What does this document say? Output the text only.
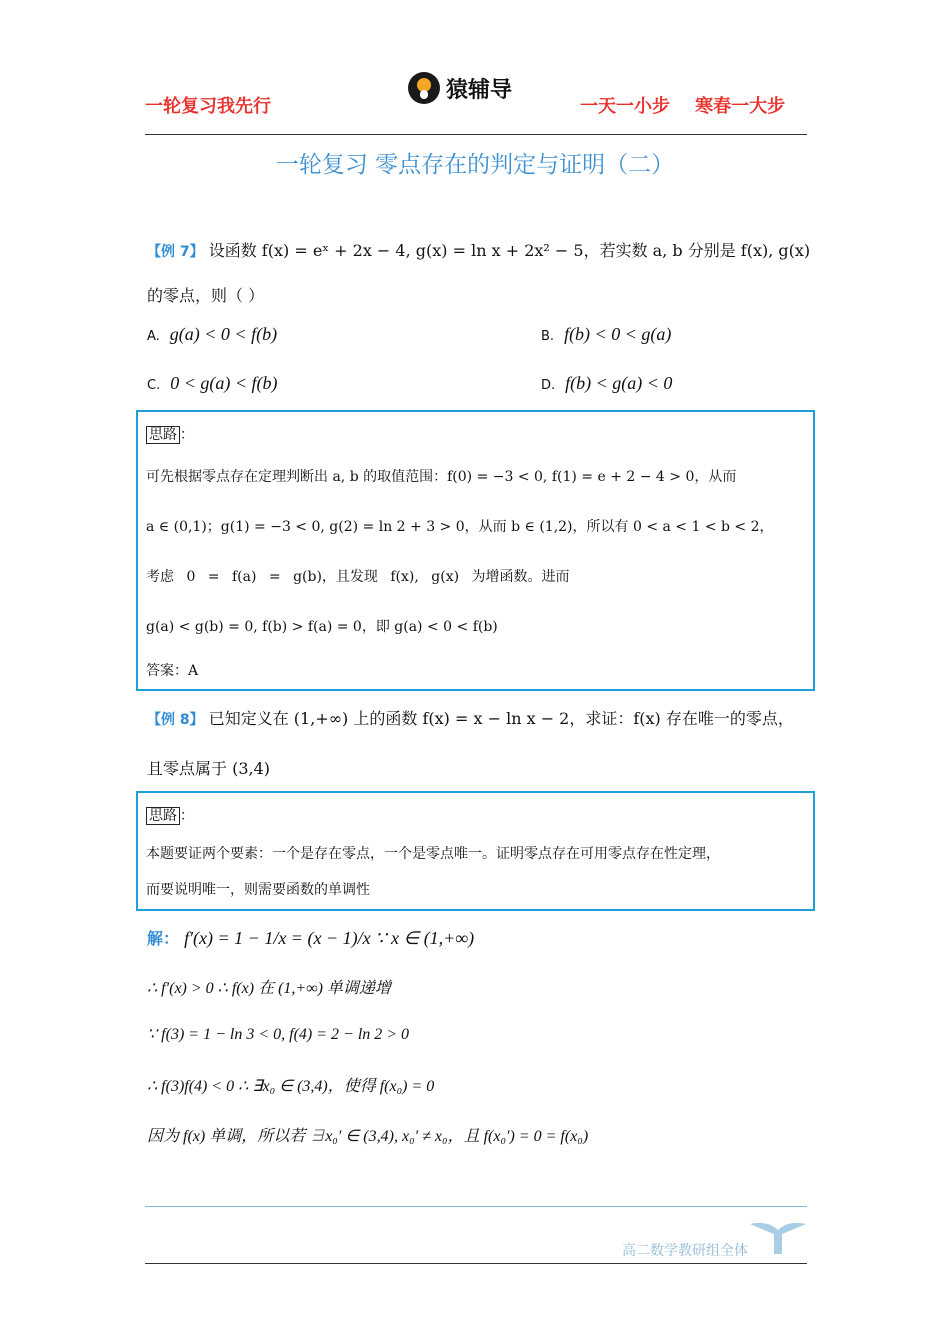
一轮复习我先行
猿辅导
一天一小步    寒春一大步
一轮复习 零点存在的判定与证明（二）
【例 7】 设函数 f(x) = eˣ + 2x − 4, g(x) = ln x + 2x² − 5，若实数 a, b 分别是 f(x), g(x)
的零点，则（ ）
A. g(a) < 0 < f(b)	B. f(b) < 0 < g(a)
C. 0 < g(a) < f(b)	D. f(b) < g(a) < 0
思路 ：
可先根据零点存在定理判断出 a, b 的取值范围：f(0) = −3 < 0, f(1) = e + 2 − 4 > 0，从而
a ∈ (0,1)；g(1) = −3 < 0, g(2) = ln 2 + 3 > 0，从而 b ∈ (1,2)，所以有 0 < a < 1 < b < 2，
考虑 0 = f(a) = g(b)，且发现 f(x), g(x) 为增函数。进而
g(a) < g(b) = 0, f(b) > f(a) = 0，即 g(a) < 0 < f(b)
答案：A
【例 8】 已知定义在 (1,+∞) 上的函数 f(x) = x − ln x − 2，求证：f(x) 存在唯一的零点，
且零点属于 (3,4)
思路 ：
本题要证两个要素：一个是存在零点，一个是零点唯一。证明零点存在可用零点存在性定理，
而要说明唯一，则需要函数的单调性
解： f′(x) = 1 − 1/x = (x − 1)/x ∵ x ∈ (1,+∞)
∴ f′(x) > 0 ∴ f(x) 在 (1,+∞) 单调递增
∵ f(3) = 1 − ln 3 < 0, f(4) = 2 − ln 2 > 0
∴ f(3)f(4) < 0 ∴ ∃x₀ ∈ (3,4)，使得 f(x₀) = 0
因为 f(x) 单调，所以若 ∃x₀′ ∈ (3,4), x₀′ ≠ x₀，且 f(x₀′) = 0 = f(x₀)
高二数学教研组全体
